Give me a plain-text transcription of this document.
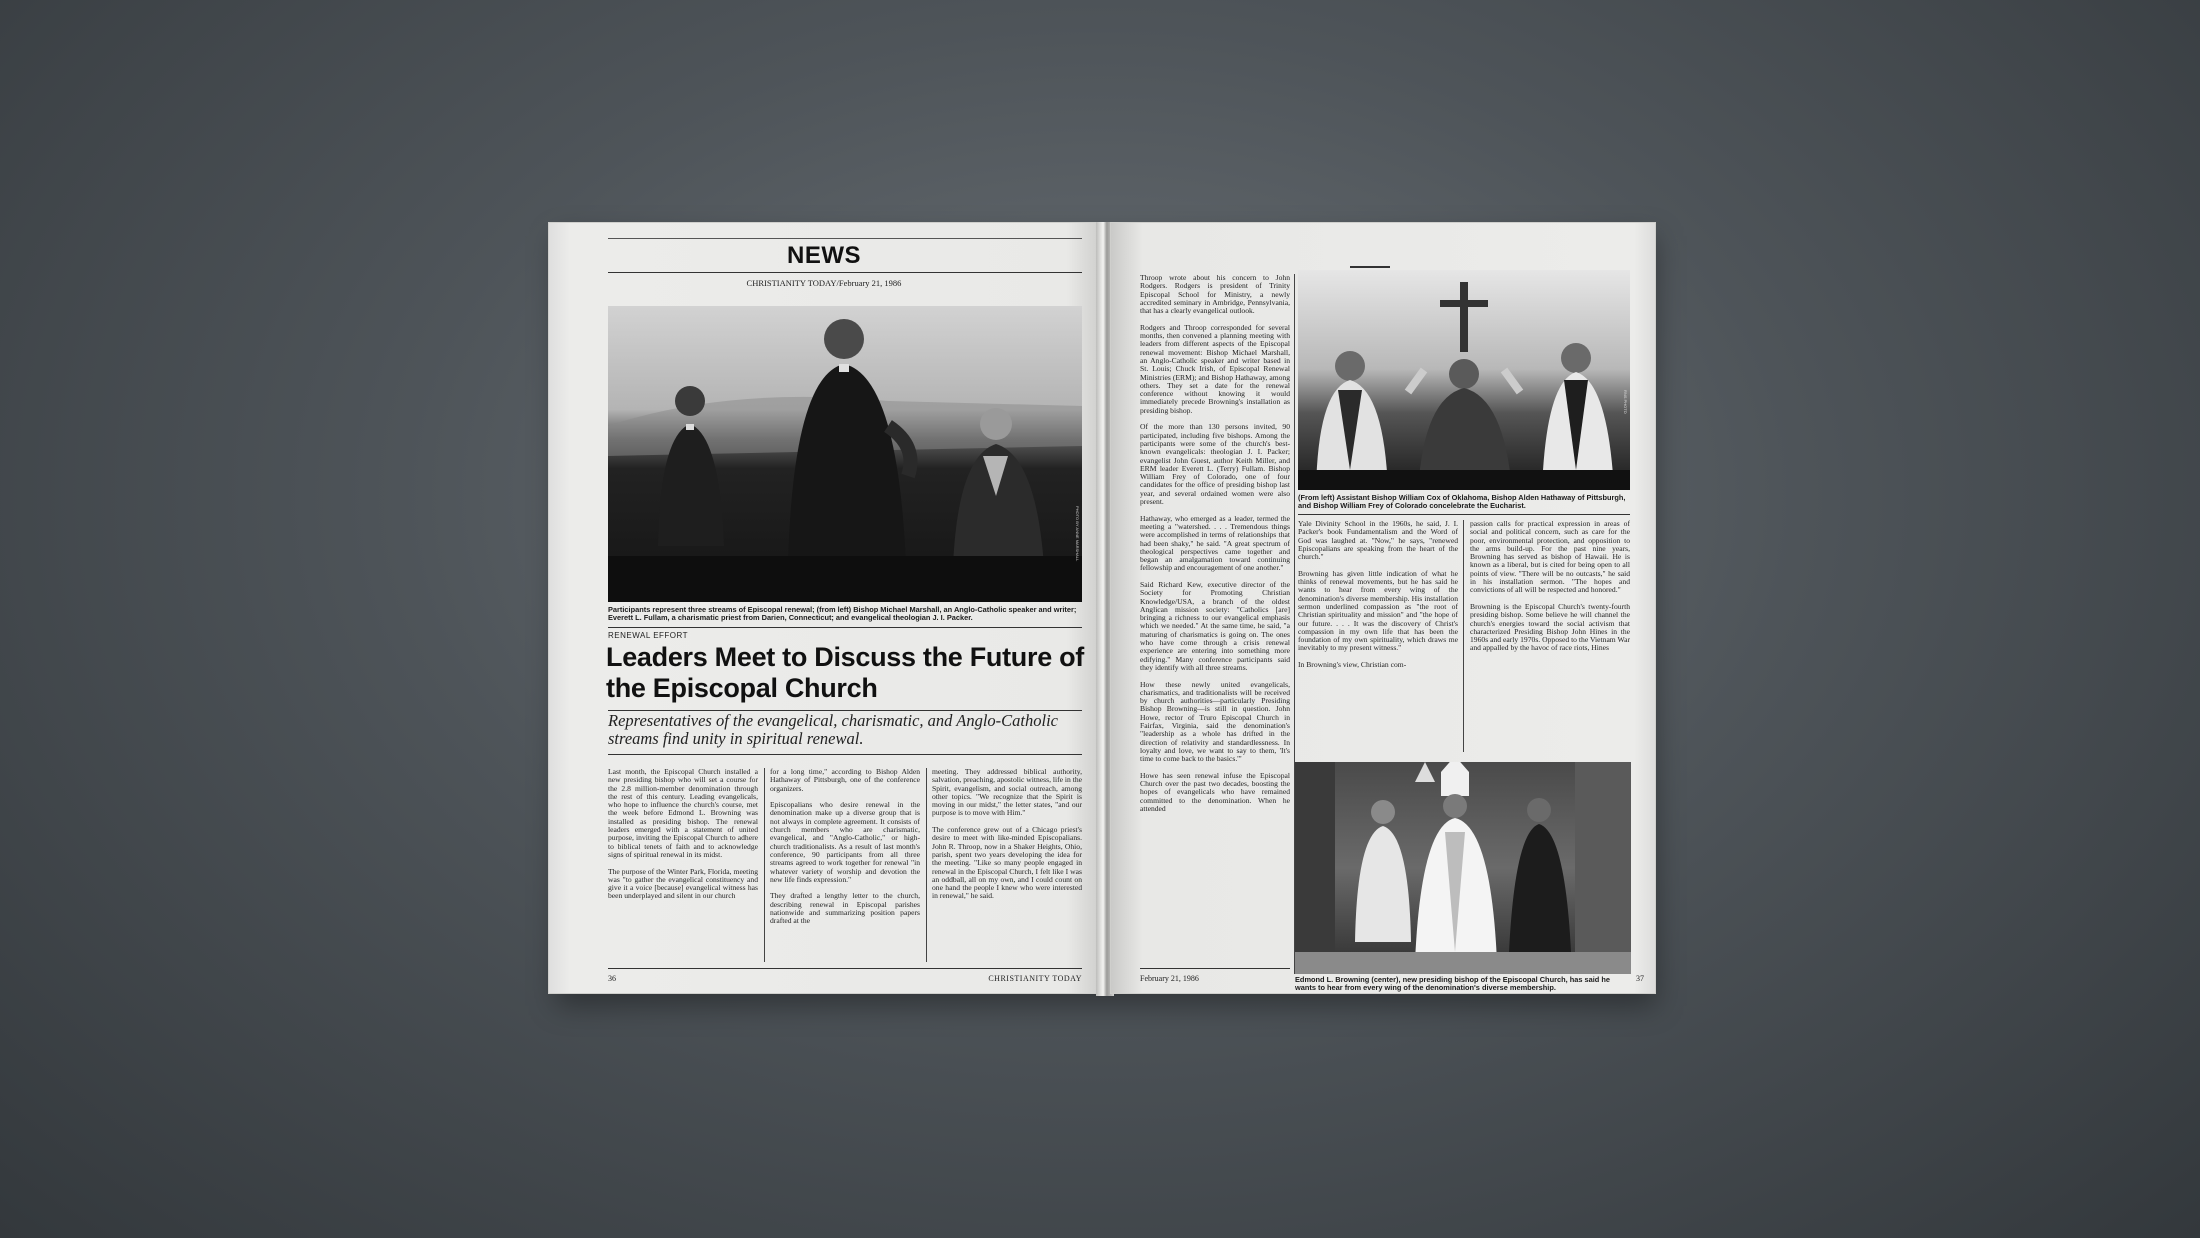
NEWS
CHRISTIANITY TODAY/February 21, 1986
PHOTO BY ANNE MARSHALL
Participants represent three streams of Episcopal renewal; (from left) Bishop Michael Marshall, an Anglo-Catholic speaker and writer; Everett L. Fullam, a charismatic priest from Darien, Connecticut; and evangelical theologian J. I. Packer.
RENEWAL EFFORT
Leaders Meet to Discuss the Future of the Episcopal Church
Representatives of the evangelical, charismatic, and Anglo-Catholic streams find unity in spiritual renewal.
Last month, the Episcopal Church installed a new presiding bishop who will set a course for the 2.8 million-member denomination through the rest of this century. Leading evangelicals, who hope to influence the church's course, met the week before Edmond L. Browning was installed as presiding bishop. The renewal leaders emerged with a statement of united purpose, inviting the Episcopal Church to adhere to biblical tenets of faith and to acknowledge signs of spiritual renewal in its midst.

The purpose of the Winter Park, Florida, meeting was "to gather the evangelical constituency and give it a voice [because] evangelical witness has been underplayed and silent in our church
for a long time," according to Bishop Alden Hathaway of Pittsburgh, one of the conference organizers.

Episcopalians who desire renewal in the denomination make up a diverse group that is not always in complete agreement. It consists of church members who are charismatic, evangelical, and "Anglo-Catholic," or high-church traditionalists. As a result of last month's conference, 90 participants from all three streams agreed to work together for renewal "in whatever variety of worship and devotion the new life finds expression."

They drafted a lengthy letter to the church, describing renewal in Episcopal parishes nationwide and summarizing position papers drafted at the
meeting. They addressed biblical authority, salvation, preaching, apostolic witness, life in the Spirit, evangelism, and social outreach, among other topics. "We recognize that the Spirit is moving in our midst," the letter states, "and our purpose is to move with Him."

The conference grew out of a Chicago priest's desire to meet with like-minded Episcopalians. John R. Throop, now in a Shaker Heights, Ohio, parish, spent two years developing the idea for the meeting. "Like so many people engaged in renewal in the Episcopal Church, I felt like I was an oddball, all on my own, and I could count on one hand the people I knew who were interested in renewal," he said.
36	CHRISTIANITY TODAY
Throop wrote about his concern to John Rodgers. Rodgers is president of Trinity Episcopal School for Ministry, a newly accredited seminary in Ambridge, Pennsylvania, that has a clearly evangelical outlook.

Rodgers and Throop corresponded for several months, then convened a planning meeting with leaders from different aspects of the Episcopal renewal movement: Bishop Michael Marshall, an Anglo-Catholic speaker and writer based in St. Louis; Chuck Irish, of Episcopal Renewal Ministries (ERM); and Bishop Hathaway, among others. They set a date for the renewal conference without knowing it would immediately precede Browning's installation as presiding bishop.

Of the more than 130 persons invited, 90 participated, including five bishops. Among the participants were some of the church's best-known evangelicals: theologian J. I. Packer; evangelist John Guest, author Keith Miller, and ERM leader Everett L. (Terry) Fullam. Bishop William Frey of Colorado, one of four candidates for the office of presiding bishop last year, and several ordained women were also present.

Hathaway, who emerged as a leader, termed the meeting a "watershed. . . . Tremendous things were accomplished in terms of relationships that had been shaky," he said. "A great spectrum of theological perspectives came together and began an amalgamation toward continuing fellowship and encouragement of one another."

Said Richard Kew, executive director of the Society for Promoting Christian Knowledge/USA, a branch of the oldest Anglican mission society: "Catholics [are] bringing a richness to our evangelical emphasis which we needed." At the same time, he said, "a maturing of charismatics is going on. The ones who have come through a crisis renewal experience are entering into something more edifying." Many conference participants said they identify with all three streams.

How these newly united evangelicals, charismatics, and traditionalists will be received by church authorities—particularly Presiding Bishop Browning—is still in question. John Howe, rector of Truro Episcopal Church in Fairfax, Virginia, said the denomination's "leadership as a whole has drifted in the direction of relativity and standardlessness. In loyalty and love, we want to say to them, 'It's time to come back to the basics.'"

Howe has seen renewal infuse the Episcopal Church over the past two decades, boosting the hopes of evangelicals who have remained committed to the denomination. When he attended
RNS PHOTO
(From left) Assistant Bishop William Cox of Oklahoma, Bishop Alden Hathaway of Pittsburgh, and Bishop William Frey of Colorado concelebrate the Eucharist.
Yale Divinity School in the 1960s, he said, J. I. Packer's book Fundamentalism and the Word of God was laughed at. "Now," he says, "renewed Episcopalians are speaking from the heart of the church."

Browning has given little indication of what he thinks of renewal movements, but he has said he wants to hear from every wing of the denomination's diverse membership. His installation sermon underlined compassion as "the root of Christian spirituality and mission" and "the hope of our future. . . . It was the discovery of Christ's compassion in my own life that has been the foundation of my own spirituality, which draws me inevitably to my present witness."

In Browning's view, Christian com-
passion calls for practical expression in areas of social and political concern, such as care for the poor, environmental protection, and opposition to the arms build-up. For the past nine years, Browning has served as bishop of Hawaii. He is known as a liberal, but is cited for being open to all points of view. "There will be no outcasts," he said in his installation sermon. "The hopes and convictions of all will be respected and honored."

Browning is the Episcopal Church's twenty-fourth presiding bishop. Some believe he will channel the church's energies toward the social activism that characterized Presiding Bishop John Hines in the 1960s and early 1970s. Opposed to the Vietnam War and appalled by the havoc of race riots, Hines
Edmond L. Browning (center), new presiding bishop of the Episcopal Church, has said he wants to hear from every wing of the denomination's diverse membership.
February 21, 1986	37
